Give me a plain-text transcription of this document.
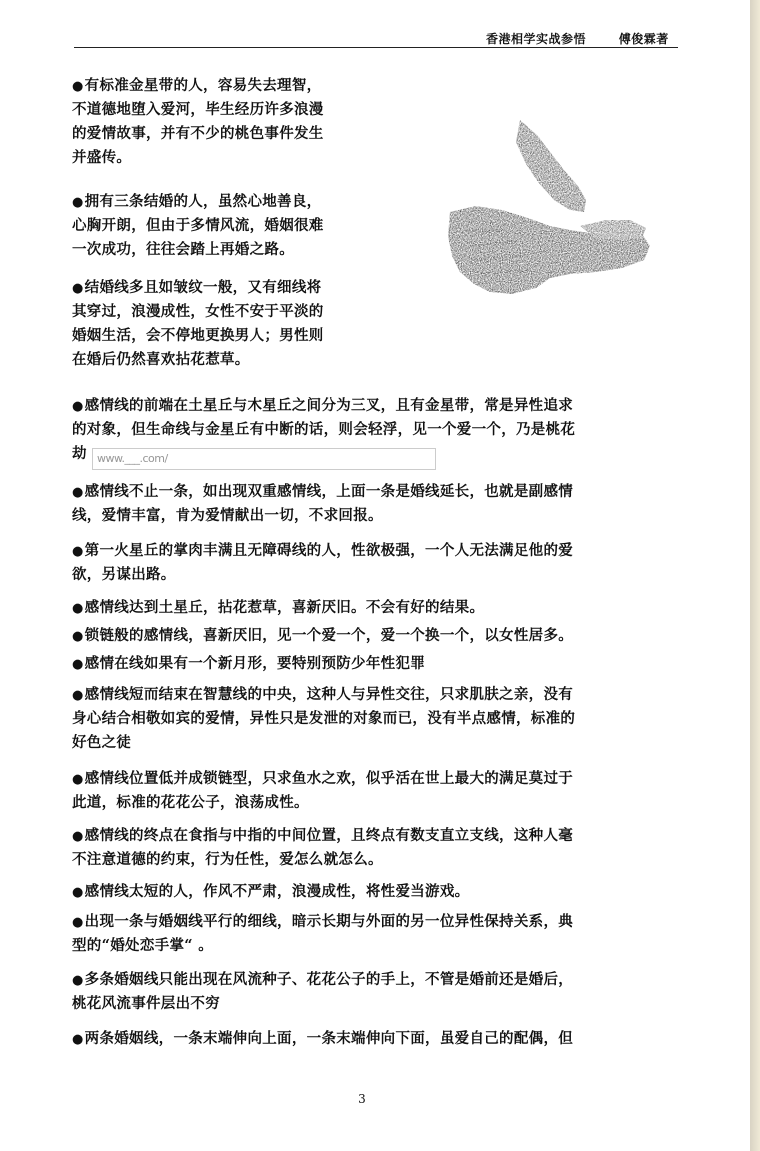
香港相学实战参悟	傅俊霖著
●有标准金星带的人，容易失去理智，
不道德地堕入爱河，毕生经历许多浪漫
的爱情故事，并有不少的桃色事件发生
并盛传。
●拥有三条结婚的人，虽然心地善良，
心胸开朗，但由于多情风流，婚姻很难
一次成功，往往会踏上再婚之路。
●结婚线多且如皱纹一般，又有细线将
其穿过，浪漫成性，女性不安于平淡的
婚姻生活，会不停地更换男人；男性则
在婚后仍然喜欢拈花惹草。
●感情线的前端在土星丘与木星丘之间分为三叉，且有金星带，常是异性追求
的对象，但生命线与金星丘有中断的话，则会轻浮，见一个爱一个，乃是桃花
劫 www.___.com/
●感情线不止一条，如出现双重感情线，上面一条是婚线延长，也就是副感情
线，爱情丰富，肯为爱情献出一切，不求回报。
●第一火星丘的掌肉丰满且无障碍线的人，性欲极强，一个人无法满足他的爱
欲，另谋出路。
●感情线达到土星丘，拈花惹草，喜新厌旧。不会有好的结果。
●锁链般的感情线，喜新厌旧，见一个爱一个，爱一个换一个，以女性居多。
●感情在线如果有一个新月形，要特别预防少年性犯罪
●感情线短而结束在智慧线的中央，这种人与异性交往，只求肌肤之亲，没有
身心结合相敬如宾的爱情，异性只是发泄的对象而已，没有半点感情，标准的
好色之徒
●感情线位置低并成锁链型，只求鱼水之欢，似乎活在世上最大的满足莫过于
此道，标准的花花公子，浪荡成性。
●感情线的终点在食指与中指的中间位置，且终点有数支直立支线，这种人毫
不注意道德的约束，行为任性，爱怎么就怎么。
●感情线太短的人，作风不严肃，浪漫成性，将性爱当游戏。
●出现一条与婚姻线平行的细线，暗示长期与外面的另一位异性保持关系，典
型的“婚处恋手掌“ 。
●多条婚姻线只能出现在风流种子、花花公子的手上，不管是婚前还是婚后，
桃花风流事件层出不穷
●两条婚姻线，一条末端伸向上面，一条末端伸向下面，虽爱自己的配偶，但
3
